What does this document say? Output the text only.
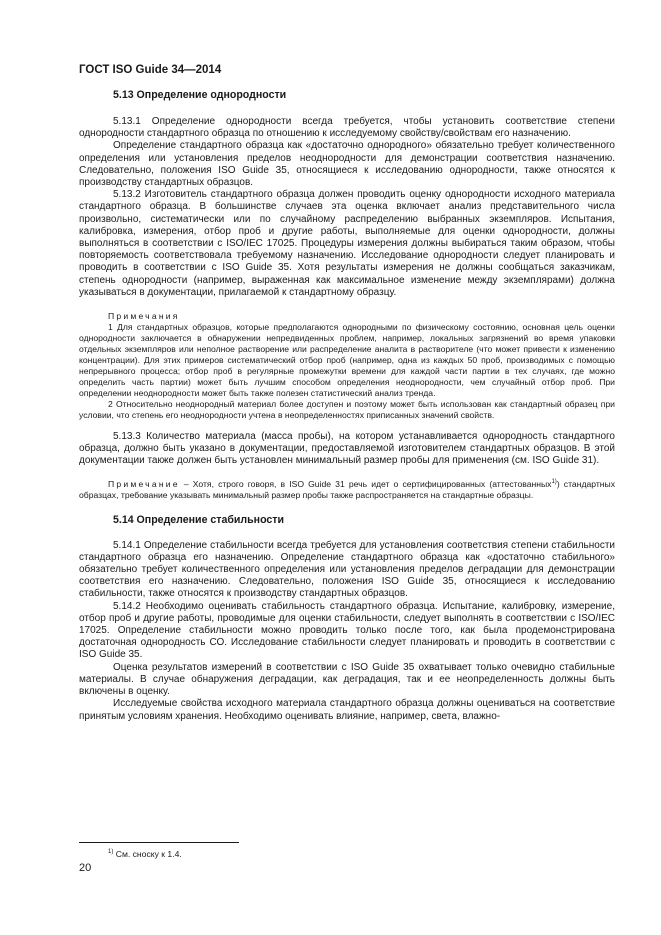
ГОСТ ISO Guide 34—2014
5.13 Определение однородности

5.13.1 Определение однородности всегда требуется, чтобы установить соответствие степени однородности стандартного образца по отношению к исследуемому свойству/свойствам его назначению.

Определение стандартного образца как «достаточно однородного» обязательно требует количественного определения или установления пределов неоднородности для демонстрации соответствия назначению. Следовательно, положения ISO Guide 35, относящиеся к исследованию однородности, также относятся к производству стандартных образцов.

5.13.2 Изготовитель стандартного образца должен проводить оценку однородности исходного материала стандартного образца. В большинстве случаев эта оценка включает анализ представительного числа произвольно, систематически или по случайному распределению выбранных экземпляров. Испытания, калибровка, измерения, отбор проб и другие работы, выполняемые для оценки однородности, должны выполняться в соответствии с ISO/IEC 17025. Процедуры измерения должны выбираться таким образом, чтобы повторяемость соответствовала требуемому назначению. Исследование однородности следует планировать и проводить в соответствии с ISO Guide 35. Хотя результаты измерения не должны сообщаться заказчикам, степень однородности (например, выраженная как максимальное изменение между экземплярами) должна указываться в документации, прилагаемой к стандартному образцу.

Примечания

1 Для стандартных образцов, которые предполагаются однородными по физическому состоянию, основная цель оценки однородности заключается в обнаружении непредвиденных проблем, например, локальных загрязнений во время упаковки отдельных экземпляров или неполное растворение или распределение аналита в растворителе (что может привести к изменению концентрации). Для этих примеров систематический отбор проб (например, одна из каждых 50 проб, производимых с помощью непрерывного процесса; отбор проб в регулярные промежутки времени для каждой части партии в тех случаях, где можно определить часть партии) может быть лучшим способом определения неоднородности, чем случайный отбор проб. При определении неоднородности может быть также полезен статистический анализ тренда.

2 Относительно неоднородный материал более доступен и поэтому может быть использован как стандартный образец при условии, что степень его неоднородности учтена в неопределенностях приписанных значений свойств.

5.13.3 Количество материала (масса пробы), на котором устанавливается однородность стандартного образца, должно быть указано в документации, предоставляемой изготовителем стандартных образцов. В этой документации также должен быть установлен минимальный размер пробы для применения (см. ISO Guide 31).

Примечание – Хотя, строго говоря, в ISO Guide 31 речь идет о сертифицированных (аттестованных$^{1)}$) стандартных образцах, требование указывать минимальный размер пробы также распространяется на стандартные образцы.

5.14 Определение стабильности

5.14.1 Определение стабильности всегда требуется для установления соответствия степени стабильности стандартного образца его назначению. Определение стандартного образца как «достаточно стабильного» обязательно требует количественного определения или установления пределов деградации для демонстрации соответствия его назначению. Следовательно, положения ISO Guide 35, относящиеся к исследованию стабильности, также относятся к производству стандартных образцов.

5.14.2 Необходимо оценивать стабильность стандартного образца. Испытание, калибровку, измерение, отбор проб и другие работы, проводимые для оценки стабильности, следует выполнять в соответствии с ISO/IEC 17025. Определение стабильности можно проводить только после того, как была продемонстрирована достаточная однородность СО. Исследование стабильности следует планировать и проводить в соответствии с ISO Guide 35.

Оценка результатов измерений в соответствии с ISO Guide 35 охватывает только очевидно стабильные материалы. В случае обнаружения деградации, как деградация, так и ее неопределенность должны быть включены в оценку.

Исследуемые свойства исходного материала стандартного образца должны оцениваться на соответствие принятым условиям хранения. Необходимо оценивать влияние, например, света, влажно-

$^{1)}$ См. сноску к 1.4.
20
